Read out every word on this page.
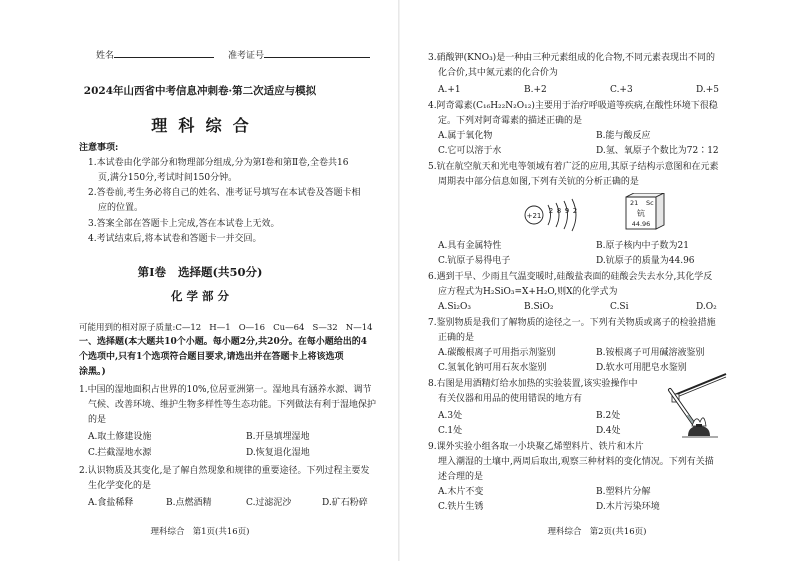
姓名	准考证号
2024年山西省中考信息冲刺卷·第二次适应与模拟
理  科  综  合
注意事项:
1.本试卷由化学部分和物理部分组成,分为第Ⅰ卷和第Ⅱ卷,全卷共16
页,满分150分,考试时间150分钟。
2.答卷前,考生务必将自己的姓名、准考证号填写在本试卷及答题卡相
应的位置。
3.答案全部在答题卡上完成,答在本试卷上无效。
4.考试结束后,将本试卷和答题卡一并交回。
第Ⅰ卷   选择题(共50分)
化 学 部 分
可能用到的相对原子质量:C—12   H—1   O—16   Cu—64   S—32   N—14
一、选择题(本大题共10个小题。每小题2分,共20分。在每小题给出的4
个选项中,只有1个选项符合题目要求,请选出并在答题卡上将该选项
涂黑。)
1.中国的湿地面积占世界的10%,位居亚洲第一。湿地具有涵养水源、调节
气候、改善环境、维护生物多样性等生态功能。下列做法有利于湿地保护
的是
A.取土修建设施	B.开垦填埋湿地
C.拦截湿地水源	D.恢复退化湿地
2.认识物质及其变化,是了解自然现象和规律的重要途径。下列过程主要发
生化学变化的是
A.食盐稀释	B.点燃酒精	C.过滤泥沙	D.矿石粉碎
理科综合   第1页(共16页)
3.硝酸钾(KNO₃)是一种由三种元素组成的化合物,不同元素表现出不同的
化合价,其中氮元素的化合价为
A.+1	B.+2	C.+3	D.+5
4.阿奇霉素(C₁₆H₂₂N₂O₁₂)主要用于治疗呼吸道等疾病,在酸性环境下很稳
定。下列对阿奇霉素的描述正确的是
A.属于氧化物	B.能与酸反应
C.它可以溶于水	D.氢、氧原子个数比为72∶12
5.钪在航空航天和光电等领域有着广泛的应用,其原子结构示意图和在元素
周期表中部分信息如图,下列有关钪的分析正确的是
+21
2 8 9 2
21 Sc
钪
44.96
A.具有金属特性	B.原子核内中子数为21
C.钪原子易得电子	D.钪原子的质量为44.96
6.遇到干旱、少雨且气温变暖时,硅酸盐表面的硅酸会失去水分,其化学反
应方程式为H₂SiO₃=X+H₂O,则X的化学式为
A.Si₂O₃	B.SiO₂	C.Si	D.O₂
7.鉴别物质是我们了解物质的途径之一。下列有关物质或离子的检验措施
正确的是
A.碳酸根离子可用指示剂鉴别	B.铵根离子可用碱溶液鉴别
C.氢氧化钠可用石灰水鉴别	D.软水可用肥皂水鉴别
8.右图是用酒精灯给水加热的实验装置,该实验操作中
有关仪器和用品的使用错误的地方有
A.3处	B.2处
C.1处	D.4处
9.课外实验小组各取一小块聚乙烯塑料片、铁片和木片
埋入潮湿的土壤中,两周后取出,观察三种材料的变化情况。下列有关描
述合理的是
A.木片不变	B.塑料片分解
C.铁片生锈	D.木片污染环境
理科综合   第2页(共16页)
